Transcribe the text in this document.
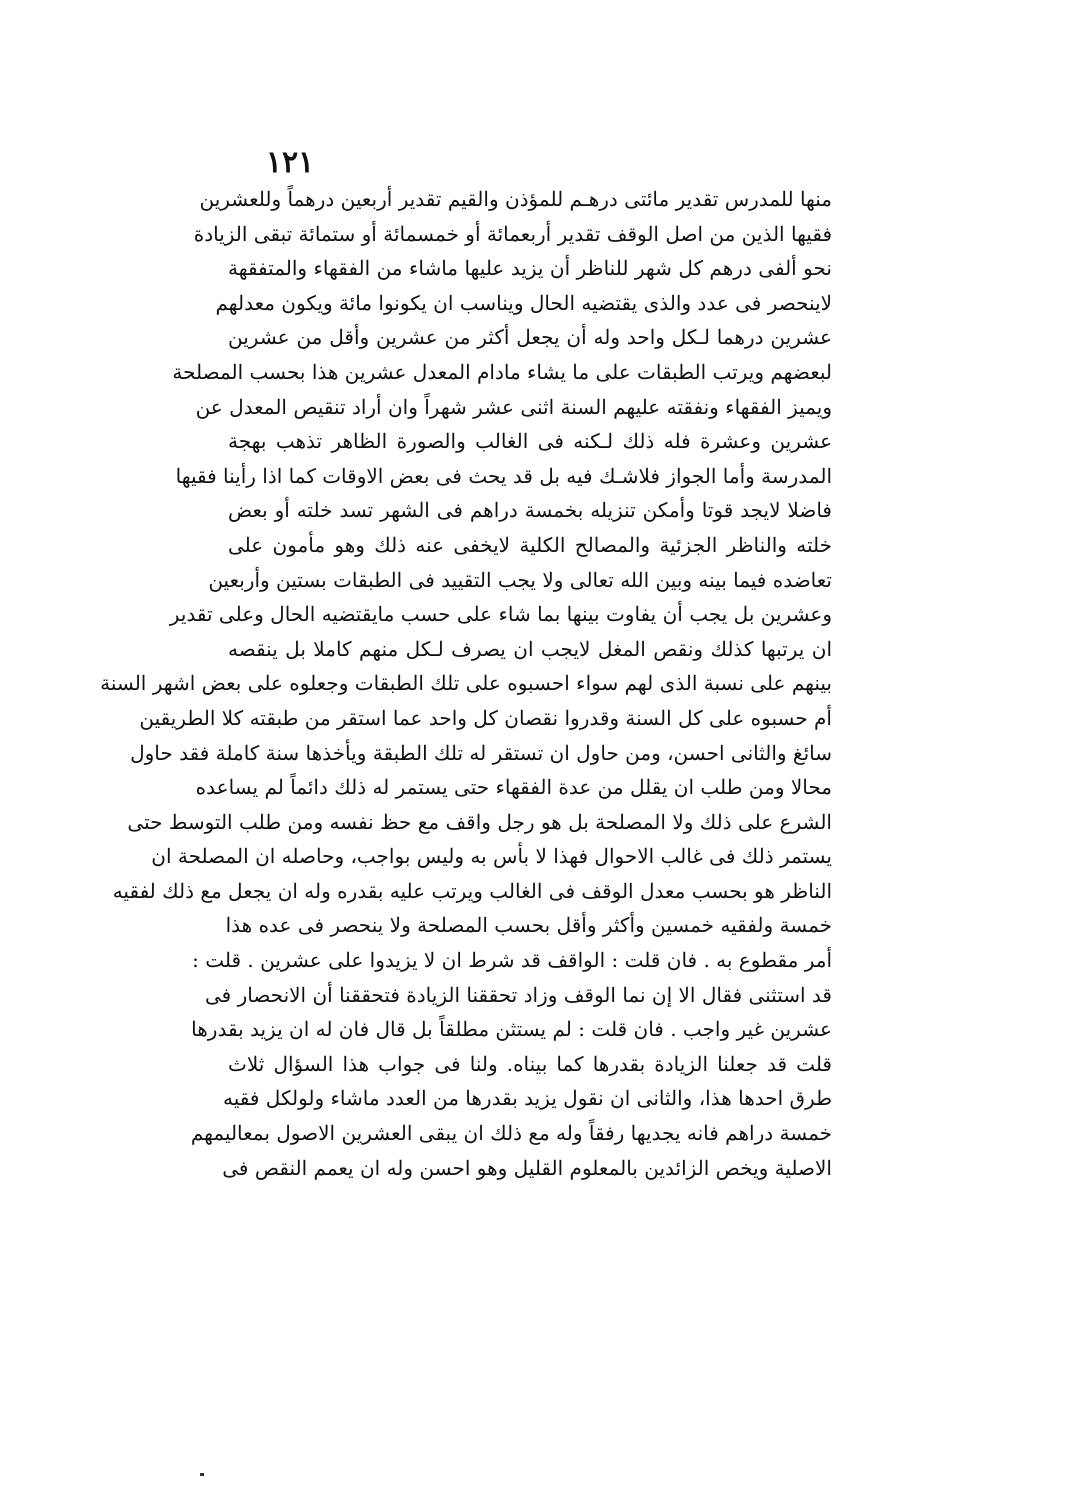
١٢١
منها للمدرس تقدير مائتى درهـم للمؤذن والقيم تقدير أربعين درهماً وللعشرين
فقيها الذين من اصل الوقف تقدير أربعمائة أو خمسمائة أو ستمائة تبقى الزيادة
نحو ألفى درهم كل شهر للناظر أن يزيد عليها ماشاء من الفقهاء والمتفقهة
لاينحصر فى عدد والذى يقتضيه الحال ويناسب ان يكونوا مائة ويكون معدلهم
عشرين درهما لـكل واحد وله أن يجعل أكثر من عشرين وأقل من عشرين
لبعضهم ويرتب الطبقات على ما يشاء مادام المعدل عشرين هذا بحسب المصلحة
ويميز الفقهاء ونفقته عليهم السنة اثنى عشر شهراً وان أراد تنقيص المعدل عن
عشرين وعشرة فله ذلك لـكنه فى الغالب والصورة الظاهر تذهب بهجة
المدرسة وأما الجواز فلاشـك فيه بل قد يحث فى بعض الاوقات كما اذا رأينا فقيها
فاضلا لايجد قوتا وأمكن تنزيله بخمسة دراهم فى الشهر تسد خلته أو بعض
خلته والناظر الجزئية والمصالح الكلية لايخفى عنه ذلك وهو مأمون على
تعاضده فيما بينه وبين الله تعالى ولا يجب التقييد فى الطبقات بستين وأربعين
وعشرين بل يجب أن يفاوت بينها بما شاء على حسب مايقتضيه الحال وعلى تقدير
ان يرتبها كذلك ونقص المغل لايجب ان يصرف لـكل منهم كاملا بل ينقصه
بينهم على نسبة الذى لهم سواء احسبوه على تلك الطبقات وجعلوه على بعض اشهر السنة
أم حسبوه على كل السنة وقدروا نقصان كل واحد عما استقر من طبقته كلا الطريقين
سائغ والثانى احسن، ومن حاول ان تستقر له تلك الطبقة ويأخذها سنة كاملة فقد حاول
محالا ومن طلب ان يقلل من عدة الفقهاء حتى يستمر له ذلك دائماً لم يساعده
الشرع على ذلك ولا المصلحة بل هو رجل واقف مع حظ نفسه ومن طلب التوسط حتى
يستمر ذلك فى غالب الاحوال فهذا لا بأس به وليس بواجب، وحاصله ان المصلحة ان
الناظر هو بحسب معدل الوقف فى الغالب ويرتب عليه بقدره وله ان يجعل مع ذلك لفقيه
خمسة ولفقيه خمسين وأكثر وأقل بحسب المصلحة ولا ينحصر فى عده هذا
أمر مقطوع به . فان قلت : الواقف قد شرط ان لا يزيدوا على عشرين . قلت :
قد استثنى فقال الا إن نما الوقف وزاد تحققنا الزيادة فتحققنا أن الانحصار فى
عشرين غير واجب . فان قلت : لم يستثن مطلقاً بل قال فان له ان يزيد بقدرها
قلت قد جعلنا الزيادة بقدرها كما بيناه. ولنا فى جواب هذا السؤال ثلاث
طرق احدها هذا، والثانى ان نقول يزيد بقدرها من العدد ماشاء ولولكل فقيه
خمسة دراهم فانه يجديها رفقاً وله مع ذلك ان يبقى العشرين الاصول بمعاليمهم
الاصلية ويخص الزائدين بالمعلوم القليل وهو احسن وله ان يعمم النقص فى
